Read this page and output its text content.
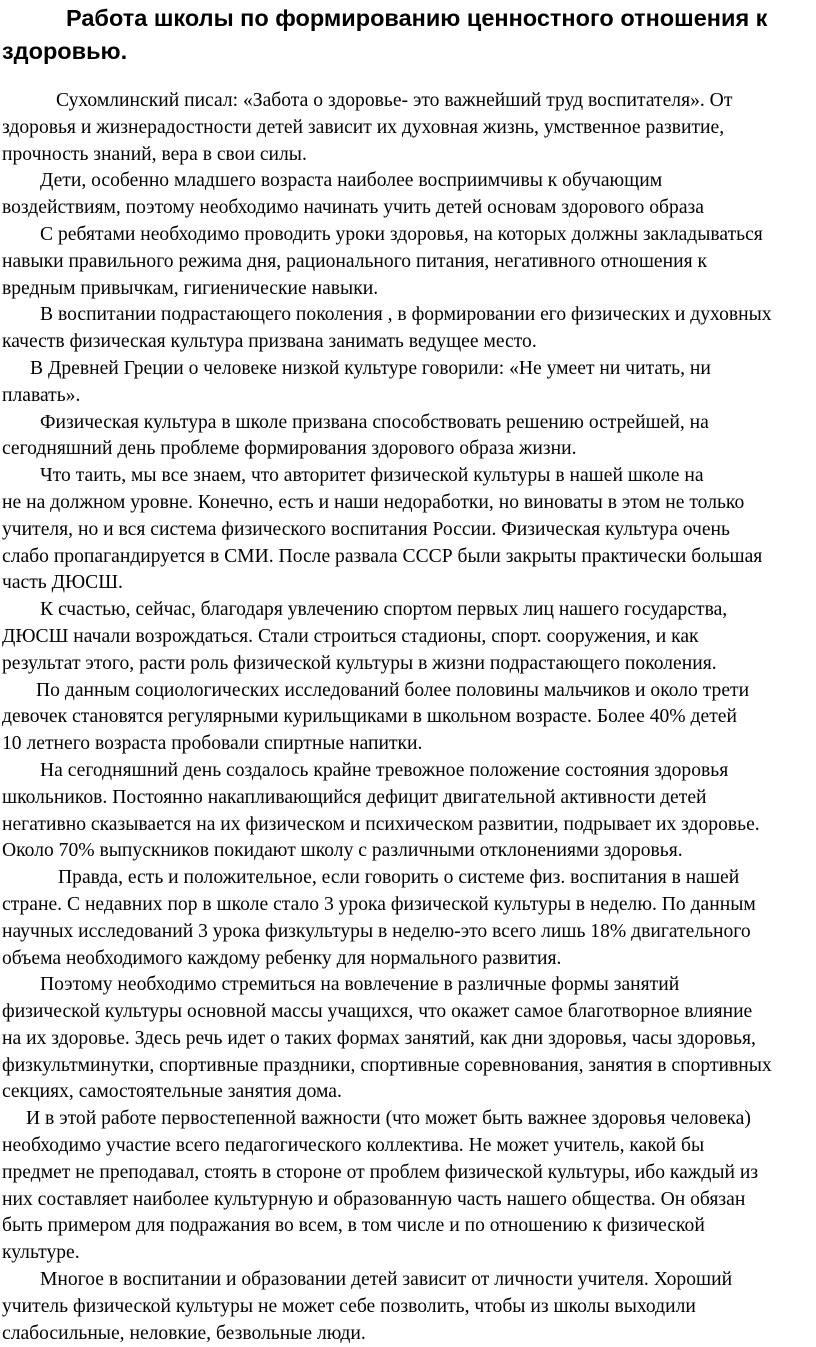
Работа школы по формированию ценностного отношения к
здоровью.
Сухомлинский писал: «Забота о здоровье- это важнейший труд воспитателя». От
здоровья и жизнерадостности детей зависит их духовная жизнь, умственное развитие,
прочность знаний, вера в свои силы.
Дети, особенно младшего возраста наиболее восприимчивы к обучающим
воздействиям, поэтому необходимо начинать учить детей основам здорового образа
С ребятами необходимо проводить уроки здоровья, на которых должны закладываться
навыки правильного режима дня, рационального питания, негативного отношения к
вредным привычкам, гигиенические навыки.
В воспитании подрастающего поколения , в формировании его физических и духовных
качеств физическая культура призвана занимать ведущее место.
В Древней Греции о человеке низкой культуре говорили: «Не умеет ни читать, ни
плавать».
Физическая культура в школе призвана способствовать решению острейшей, на
сегодняшний день проблеме формирования здорового образа жизни.
Что таить, мы все знаем, что авторитет физической культуры в нашей школе на
не на должном уровне. Конечно, есть и наши недоработки, но виноваты в этом не только
учителя, но и вся система физического воспитания России. Физическая культура очень
слабо пропагандируется в СМИ. После развала СССР были закрыты практически большая
часть ДЮСШ.
К счастью, сейчас, благодаря увлечению спортом первых лиц нашего государства,
ДЮСШ начали возрождаться. Стали строиться стадионы, спорт. сооружения, и как
результат этого, расти роль физической культуры в жизни подрастающего поколения.
По данным социологических исследований более половины мальчиков и около трети
девочек становятся регулярными курильщиками в школьном возрасте. Более 40% детей
10 летнего возраста пробовали спиртные напитки.
На сегодняшний день создалось крайне тревожное положение состояния здоровья
школьников. Постоянно накапливающийся дефицит двигательной активности детей
негативно сказывается на их физическом и психическом развитии, подрывает их здоровье.
Около 70% выпускников покидают школу с различными отклонениями здоровья.
Правда, есть и положительное, если говорить о системе физ. воспитания в нашей
стране. С недавних пор в школе стало 3 урока физической культуры в неделю. По данным
научных исследований 3 урока физкультуры в неделю-это всего лишь 18% двигательного
объема необходимого каждому ребенку для нормального развития.
Поэтому необходимо стремиться на вовлечение в различные формы занятий
физической культуры основной массы учащихся, что окажет самое благотворное влияние
на их здоровье. Здесь речь идет о таких формах занятий, как дни здоровья, часы здоровья,
физкультминутки, спортивные праздники, спортивные соревнования, занятия в спортивных
секциях, самостоятельные занятия дома.
И в этой работе первостепенной важности (что может быть важнее здоровья человека)
необходимо участие всего педагогического коллектива. Не может учитель, какой бы
предмет не преподавал, стоять в стороне от проблем физической культуры, ибо каждый из
них составляет наиболее культурную и образованную часть нашего общества. Он обязан
быть примером для подражания во всем, в том числе и по отношению к физической
культуре.
Многое в воспитании и образовании детей зависит от личности учителя. Хороший
учитель физической культуры не может себе позволить, чтобы из школы выходили
слабосильные, неловкие, безвольные люди.
